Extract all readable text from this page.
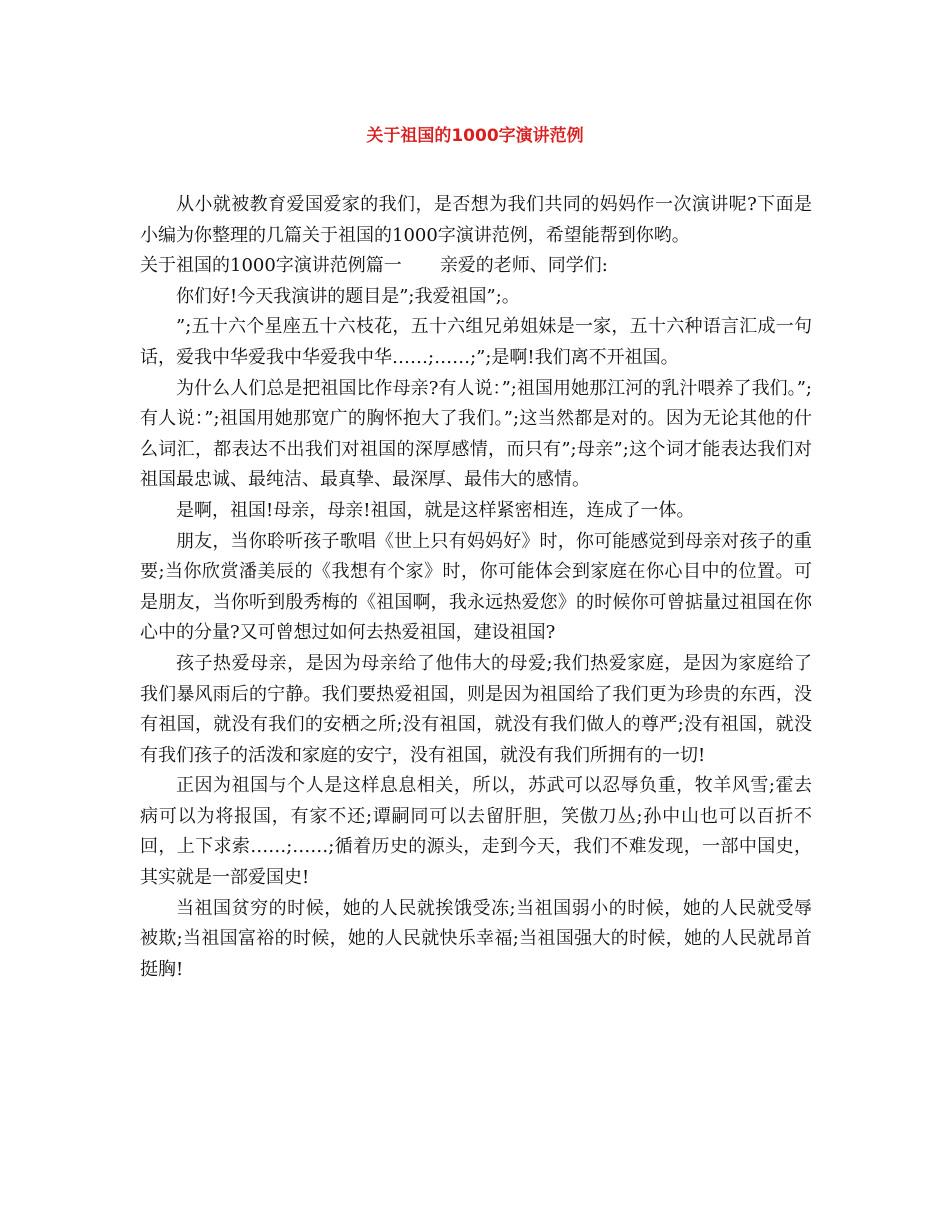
关于祖国的1000字演讲范例

从小就被教育爱国爱家的我们，是否想为我们共同的妈妈作一次演讲呢?下面是小编为你整理的几篇关于祖国的1000字演讲范例，希望能帮到你哟。

关于祖国的1000字演讲范例篇一 亲爱的老师、同学们:

你们好!今天我演讲的题目是”;我爱祖国”;。

”;五十六个星座五十六枝花，五十六组兄弟姐妹是一家，五十六种语言汇成一句话，爱我中华爱我中华爱我中华……;……;”;是啊!我们离不开祖国。

为什么人们总是把祖国比作母亲?有人说：”;祖国用她那江河的乳汁喂养了我们。”;有人说：”;祖国用她那宽广的胸怀抱大了我们。”;这当然都是对的。因为无论其他的什么词汇，都表达不出我们对祖国的深厚感情，而只有”;母亲”;这个词才能表达我们对祖国最忠诚、最纯洁、最真挚、最深厚、最伟大的感情。

是啊，祖国!母亲，母亲!祖国，就是这样紧密相连，连成了一体。

朋友，当你聆听孩子歌唱《世上只有妈妈好》时，你可能感觉到母亲对孩子的重要;当你欣赏潘美辰的《我想有个家》时，你可能体会到家庭在你心目中的位置。可是朋友，当你听到殷秀梅的《祖国啊，我永远热爱您》的时候你可曾掂量过祖国在你心中的分量?又可曾想过如何去热爱祖国，建设祖国?

孩子热爱母亲，是因为母亲给了他伟大的母爱;我们热爱家庭，是因为家庭给了我们暴风雨后的宁静。我们要热爱祖国，则是因为祖国给了我们更为珍贵的东西，没有祖国，就没有我们的安栖之所;没有祖国，就没有我们做人的尊严;没有祖国，就没有我们孩子的活泼和家庭的安宁，没有祖国，就没有我们所拥有的一切!

正因为祖国与个人是这样息息相关，所以，苏武可以忍辱负重，牧羊风雪;霍去病可以为将报国，有家不还;谭嗣同可以去留肝胆，笑傲刀丛;孙中山也可以百折不回，上下求索……;……;循着历史的源头，走到今天，我们不难发现，一部中国史，其实就是一部爱国史!

当祖国贫穷的时候，她的人民就挨饿受冻;当祖国弱小的时候，她的人民就受辱被欺;当祖国富裕的时候，她的人民就快乐幸福;当祖国强大的时候，她的人民就昂首挺胸!
